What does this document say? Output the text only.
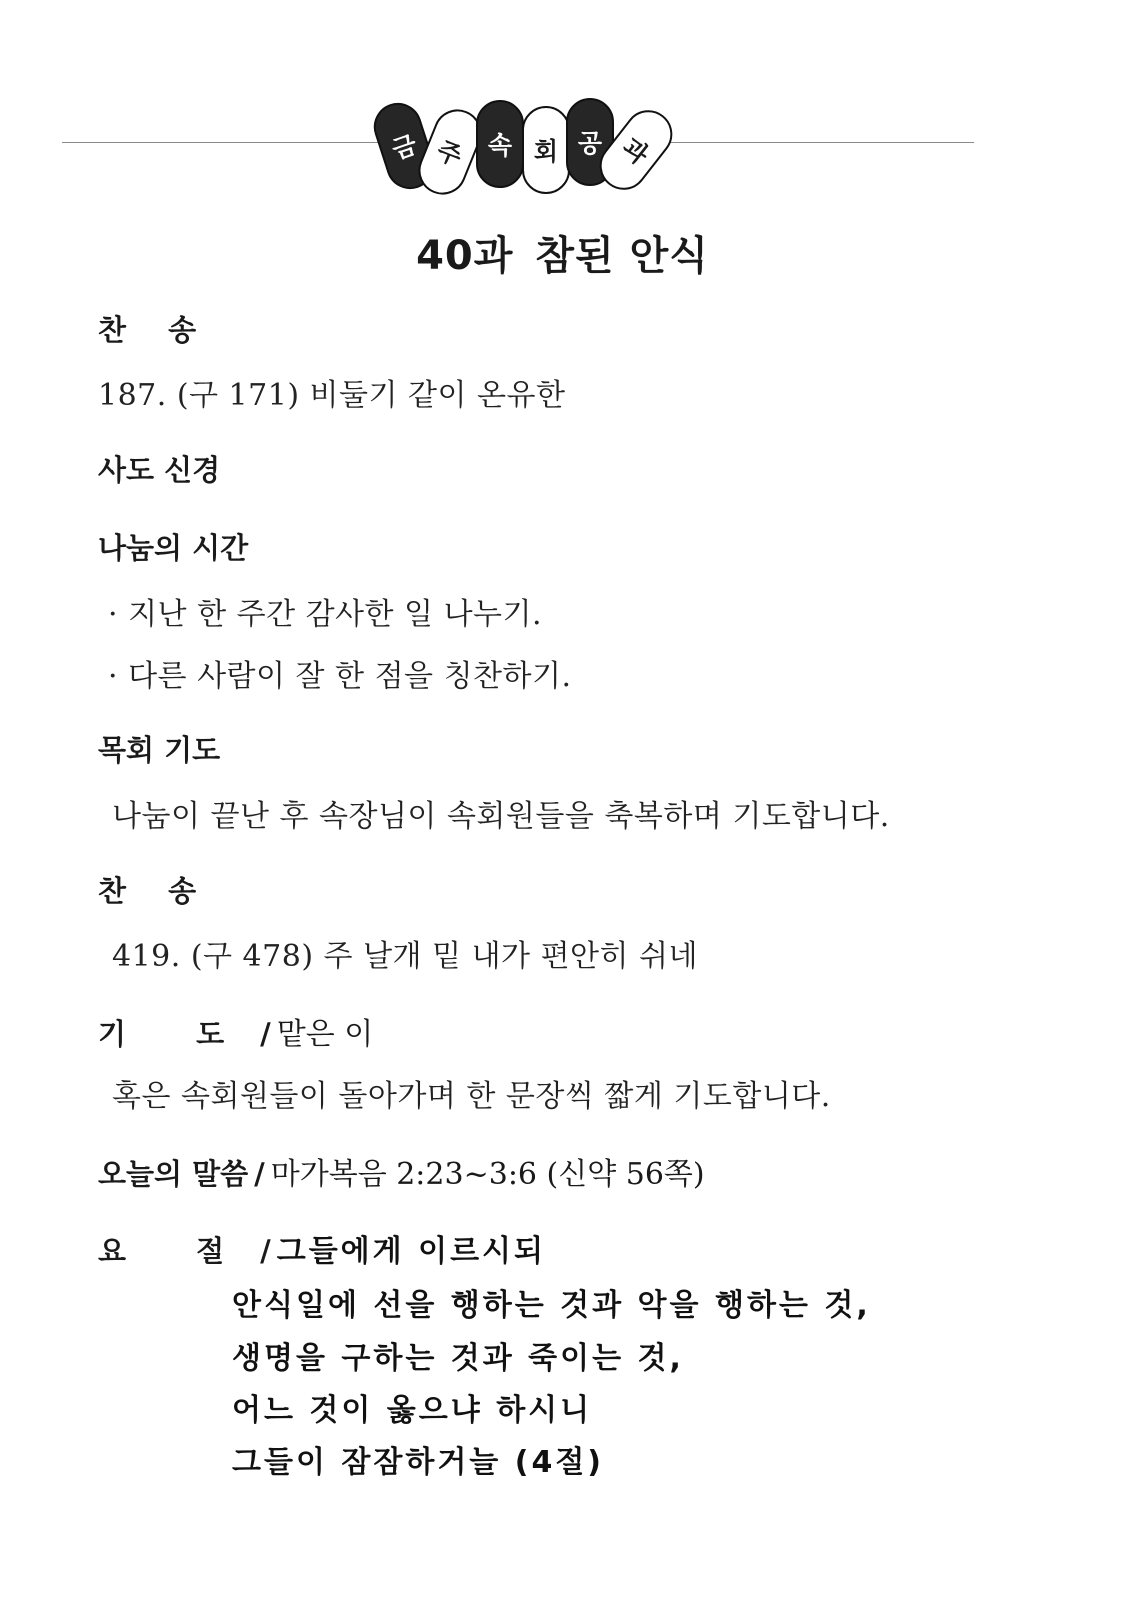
금 주 속 회 공 과
40과 참된 안식
찬 송
187. (구 171) 비둘기 같이 온유한
사도 신경
나눔의 시간
· 지난 한 주간 감사한 일 나누기.
· 다른 사람이 잘 한 점을 칭찬하기.
목회 기도
나눔이 끝난 후 속장님이 속회원들을 축복하며 기도합니다.
찬 송
419. (구 478) 주 날개 밑 내가 편안히 쉬네
기 도 / 맡은 이
혹은 속회원들이 돌아가며 한 문장씩 짧게 기도합니다.
오늘의 말씀 / 마가복음 2:23~3:6 (신약 56쪽)
요 절 / 그들에게 이르시되
안식일에 선을 행하는 것과 악을 행하는 것,
생명을 구하는 것과 죽이는 것,
어느 것이 옳으냐 하시니
그들이 잠잠하거늘 (4절)
